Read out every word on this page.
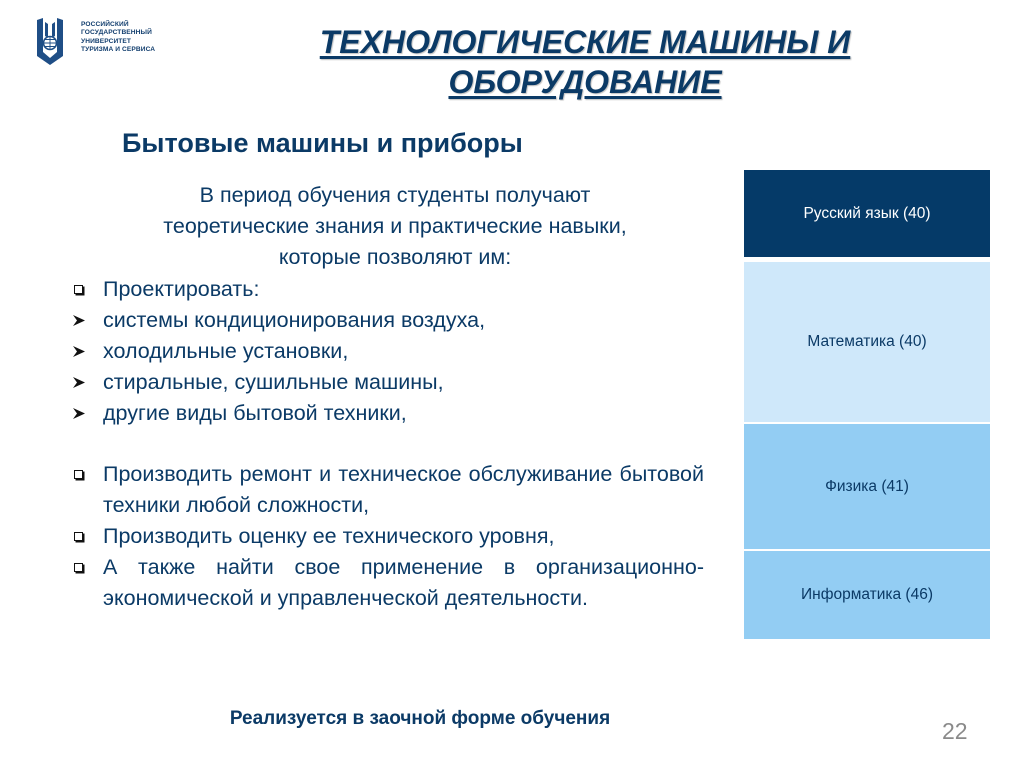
РОССИЙСКИЙ
ГОСУДАРСТВЕННЫЙ
УНИВЕРСИТЕТ
ТУРИЗМА И СЕРВИСА	ТЕХНОЛОГИЧЕСКИЕ МАШИНЫ И
ОБОРУДОВАНИЕ
Бытовые машины и приборы
В период обучения студенты получают
теоретические знания и практические навыки,
которые позволяют им:
Проектировать:
системы кондиционирования воздуха,
холодильные установки,
стиральные, сушильные машины,
другие виды бытовой техники,
Производить ремонт и техническое обслуживание бытовой техники любой сложности,
Производить оценку ее технического уровня,
А также найти свое применение в организационно-экономической и управленческой деятельности.
Реализуется в заочной форме обучения	22
Русский язык (40)
Математика (40)
Физика (41)
Информатика (46)
